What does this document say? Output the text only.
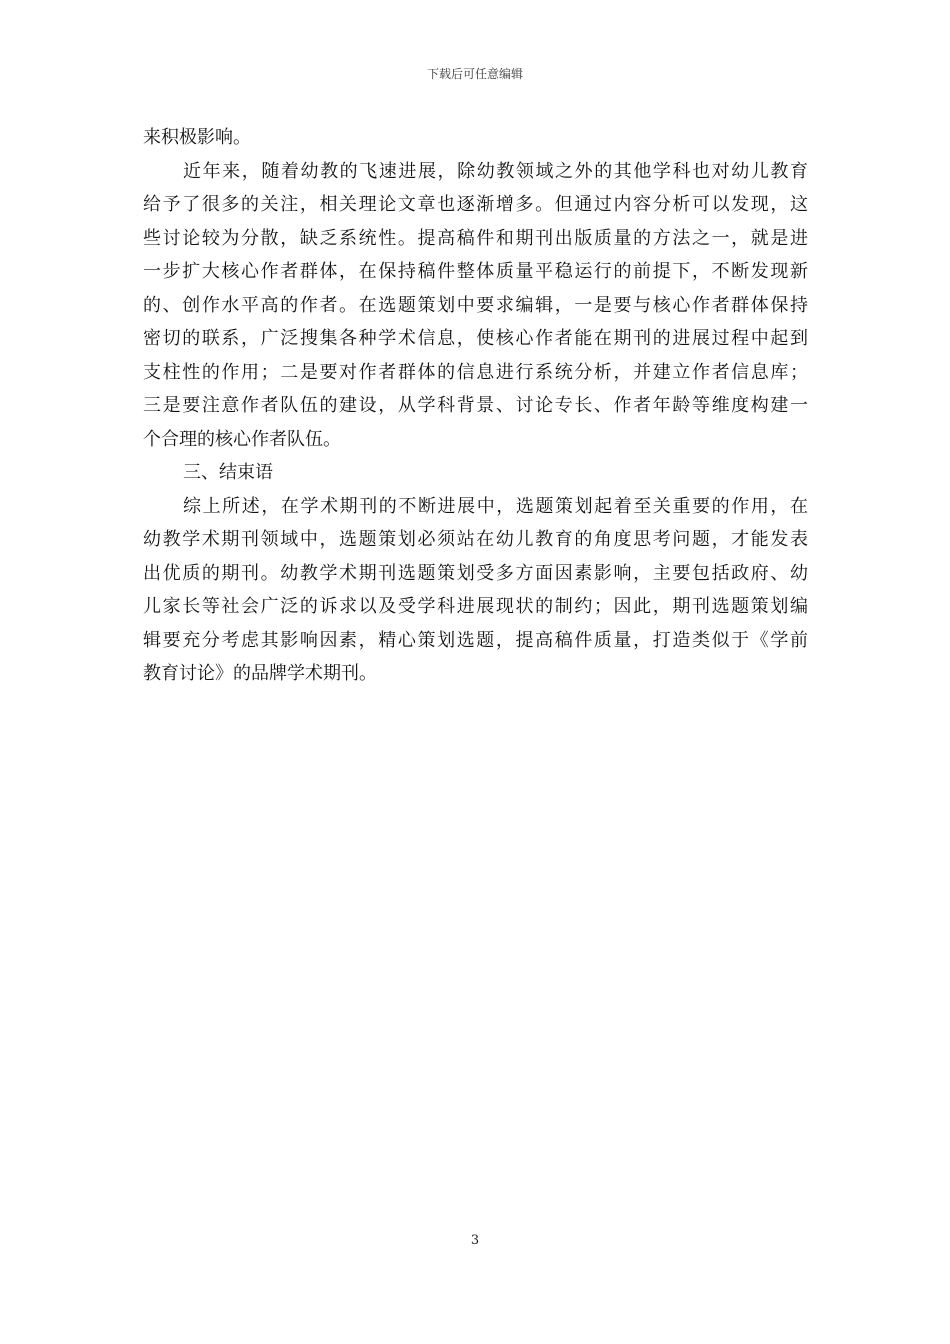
下载后可任意编辑
来积极影响。
近年来，随着幼教的飞速进展，除幼教领域之外的其他学科也对幼儿教育
给予了很多的关注，相关理论文章也逐渐增多。但通过内容分析可以发现，这
些讨论较为分散，缺乏系统性。提高稿件和期刊出版质量的方法之一，就是进
一步扩大核心作者群体，在保持稿件整体质量平稳运行的前提下，不断发现新
的、创作水平高的作者。在选题策划中要求编辑，一是要与核心作者群体保持
密切的联系，广泛搜集各种学术信息，使核心作者能在期刊的进展过程中起到
支柱性的作用；二是要对作者群体的信息进行系统分析，并建立作者信息库；
三是要注意作者队伍的建设，从学科背景、讨论专长、作者年龄等维度构建一
个合理的核心作者队伍。
三、结束语
综上所述，在学术期刊的不断进展中，选题策划起着至关重要的作用，在
幼教学术期刊领域中，选题策划必须站在幼儿教育的角度思考问题，才能发表
出优质的期刊。幼教学术期刊选题策划受多方面因素影响，主要包括政府、幼
儿家长等社会广泛的诉求以及受学科进展现状的制约；因此，期刊选题策划编
辑要充分考虑其影响因素，精心策划选题，提高稿件质量，打造类似于《学前
教育讨论》的品牌学术期刊。
3
